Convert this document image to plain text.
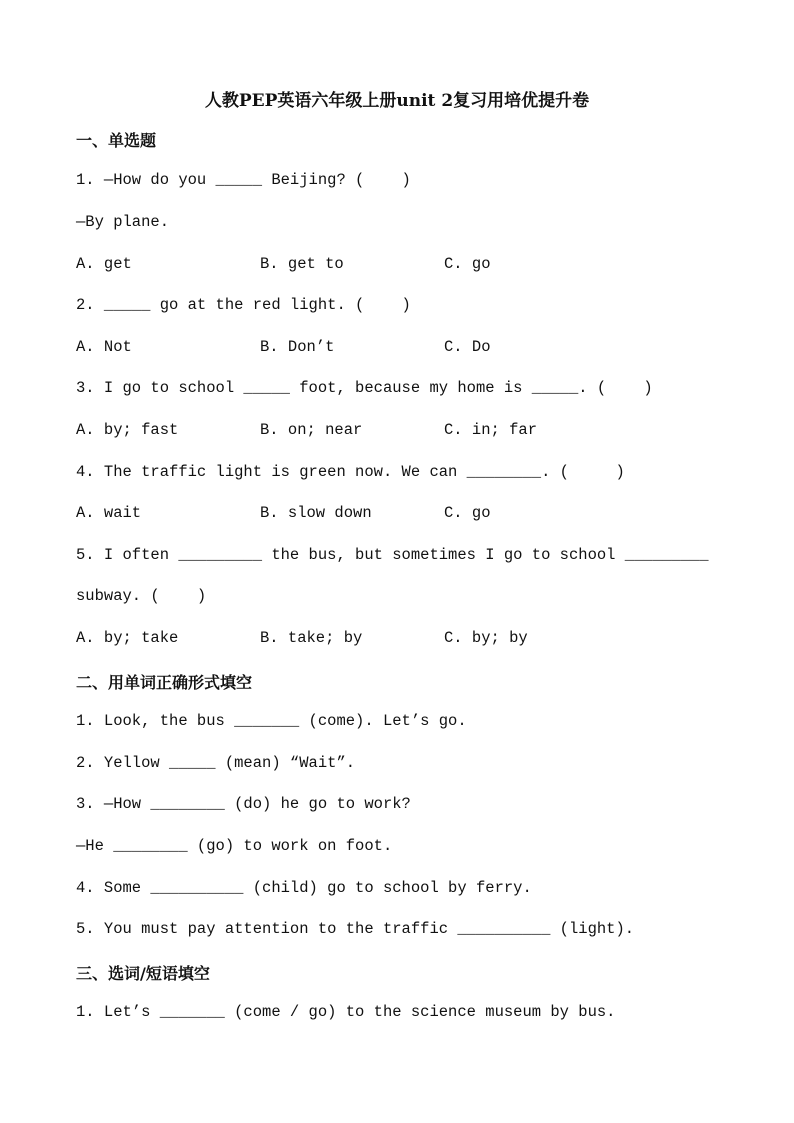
人教PEP英语六年级上册unit 2复习用培优提升卷
一、单选题
1. —How do you _____ Beijing? (    )
—By plane.

A. get

	B. get to

	C. go

2. _____ go at the red light. (    )

A. Not

	B. Don’t

	C. Do

3. I go to school _____ foot, because my home is _____. (    )

A. by; fast

	B. on; near

	C. in; far

4. The traffic light is green now. We can ________. (     )

A. wait

	B. slow down

	C. go

5. I often _________ the bus, but sometimes I go to school _________
subway. (    )

A. by; take

	B. take; by

	C. by; by

二、用单词正确形式填空
1. Look, the bus _______ (come). Let’s go.
2. Yellow _____ (mean) “Wait”.
3. —How ________ (do) he go to work?
—He ________ (go) to work on foot.
4. Some __________ (child) go to school by ferry.
5. You must pay attention to the traffic __________ (light).
三、选词/短语填空
1. Let’s _______ (come / go) to the science museum by bus.
